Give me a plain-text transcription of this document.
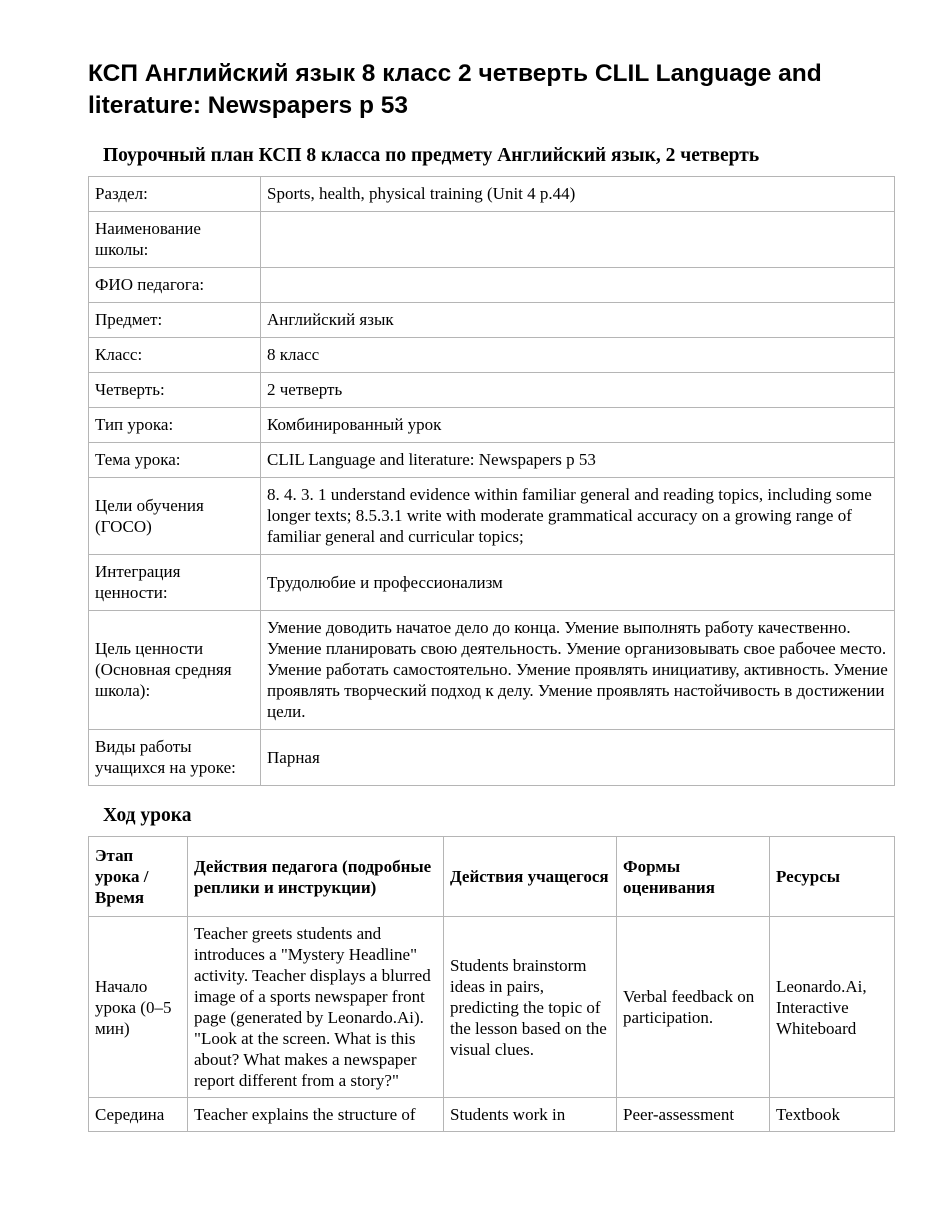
КСП Английский язык 8 класс 2 четверть CLIL Language and literature: Newspapers p 53
Поурочный план КСП 8 класса по предмету Английский язык, 2 четверть
Раздел:	Sports, health, physical training (Unit 4 p.44)
Наименование школы:	
ФИО педагога:	
Предмет:	Английский язык
Класс:	8 класс
Четверть:	2 четверть
Тип урока:	Комбинированный урок
Тема урока:	CLIL Language and literature: Newspapers p 53
Цели обучения (ГОСО)	8. 4. 3. 1 understand evidence within familiar general and reading topics, including some longer texts; 8.5.3.1 write with moderate grammatical accuracy on a growing range of familiar general and curricular topics;
Интеграция ценности:	Трудолюбие и профессионализм
Цель ценности (Основная средняя школа):	Умение доводить начатое дело до конца. Умение выполнять работу качественно. Умение планировать свою деятельность. Умение организовывать свое рабочее место. Умение работать самостоятельно. Умение проявлять инициативу, активность. Умение проявлять творческий подход к делу. Умение проявлять настойчивость в достижении цели.
Виды работы учащихся на уроке:	Парная
Ход урока
Этап урока / Время	Действия педагога (подробные реплики и инструкции)	Действия учащегося	Формы оценивания	Ресурсы
Начало урока (0–5 мин)	Teacher greets students and introduces a "Mystery Headline" activity. Teacher displays a blurred image of a sports newspaper front page (generated by Leonardo.Ai). "Look at the screen. What is this about? What makes a newspaper report different from a story?"	Students brainstorm ideas in pairs, predicting the topic of the lesson based on the visual clues.	Verbal feedback on participation.	Leonardo.Ai, Interactive Whiteboard
Середина	Teacher explains the structure of	Students work in	Peer-assessment	Textbook
